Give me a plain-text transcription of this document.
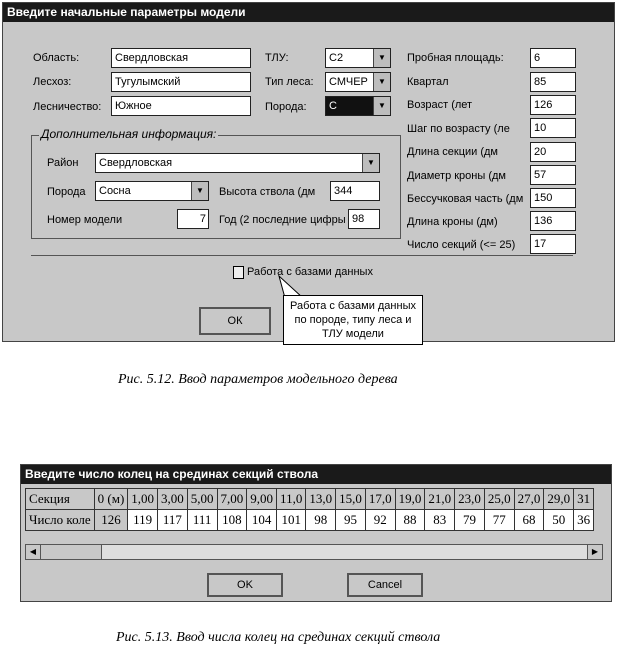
Введите начальные параметры модели
Область:	Свердловская
Лесхоз:	Тугулымский
Лесничество:	Южное
ТЛУ:	С2	▼
Тип леса:	СМЧЕР	▼
Порода:	С	▼
Пробная площадь:	6
Квартал	85
Возраст (лет	126
Шаг по возрасту (ле	10
Длина секции (дм	20
Диаметр кроны (дм	57
Бессучковая часть (дм 150
Длина кроны (дм)	136
Число секций (<= 25)	17
Дополнительная информация:
Район	Свердловская	▼
Порода	Сосна	▼	Высота ствола (дм	344
Номер модели	7 Год (2 последние цифры 98
Работа с базами данных
ОК
Работа с базами данных
по породе, типу леса и
ТЛУ модели
Рис. 5.12. Ввод параметров модельного дерева
Введите число колец на срединах секций ствола
Секция	0 (м)	1,00	3,00	5,00	7,00	9,00	11,0	13,0	15,0	17,0	19,0	21,0	23,0	25,0	27,0	29,0	31
Число коле	126	119	117	111	108	104	101	98	95	92	88	83	79	77	68	50	36
◀	▶
OK	Cancel
Рис. 5.13. Ввод числа колец на срединах секций ствола
